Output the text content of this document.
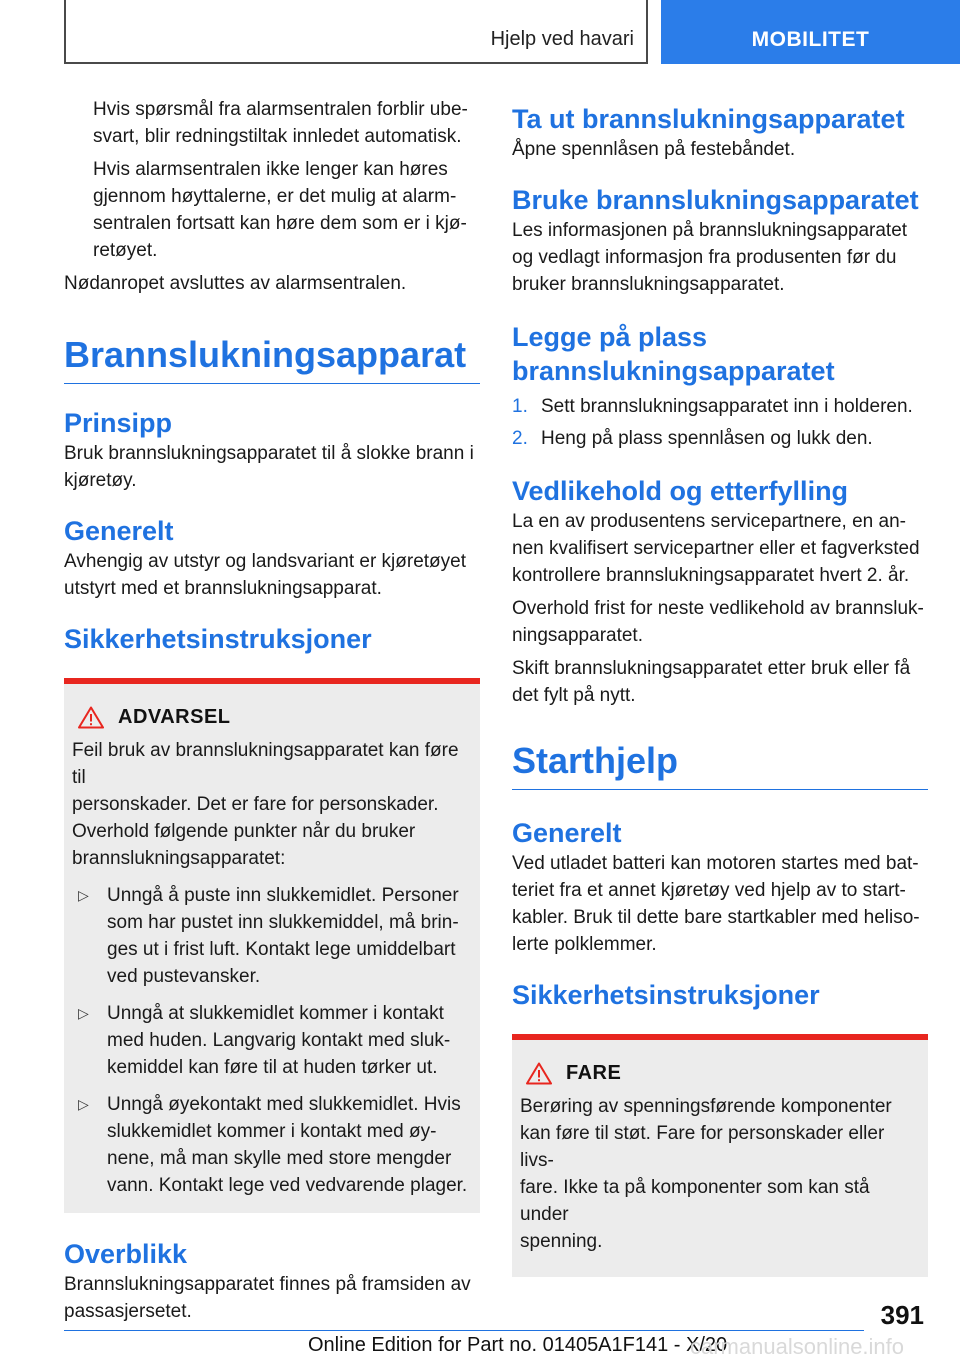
Hjelp ved havari	MOBILITET

Hvis spørsmål fra alarmsentralen forblir ube-
svart, blir redningstiltak innledet automatisk.

Hvis alarmsentralen ikke lenger kan høres
gjennom høyttalerne, er det mulig at alarm-
sentralen fortsatt kan høre dem som er i kjø-
retøyet.

Nødanropet avsluttes av alarmsentralen.

Brannslukningsapparat
Prinsipp

Bruk brannslukningsapparatet til å slokke brann i
kjøretøy.

Generelt

Avhengig av utstyr og landsvariant er kjøretøyet
utstyrt med et brannslukningsapparat.

Sikkerhetsinstruksjoner
ADVARSEL

Feil bruk av brannslukningsapparatet kan føre til
personskader. Det er fare for personskader.
Overhold følgende punkter når du bruker
brannslukningsapparatet:

▷ Unngå å puste inn slukkemidlet. Personer
som har pustet inn slukkemiddel, må brin-
ges ut i frist luft. Kontakt lege umiddelbart
ved pustevansker.
▷ Unngå at slukkemidlet kommer i kontakt
med huden. Langvarig kontakt med sluk-
kemiddel kan føre til at huden tørker ut.
▷ Unngå øyekontakt med slukkemidlet. Hvis
slukkemidlet kommer i kontakt med øy-
nene, må man skylle med store mengder
vann. Kontakt lege ved vedvarende plager.
Overblikk

Brannslukningsapparatet finnes på framsiden av
passasjersetet.

Ta ut brannslukningsapparatet

Åpne spennlåsen på festebåndet.

Bruke brannslukningsapparatet

Les informasjonen på brannslukningsapparatet
og vedlagt informasjon fra produsenten før du
bruker brannslukningsapparatet.

Legge på plass
brannslukningsapparatet
1. Sett brannslukningsapparatet inn i holderen.
2. Heng på plass spennlåsen og lukk den.
Vedlikehold og etterfylling

La en av produsentens servicepartnere, en an-
nen kvalifisert servicepartner eller et fagverksted
kontrollere brannslukningsapparatet hvert 2. år.

Overhold frist for neste vedlikehold av brannsluk-
ningsapparatet.

Skift brannslukningsapparatet etter bruk eller få
det fylt på nytt.

Starthjelp
Generelt

Ved utladet batteri kan motoren startes med bat-
teriet fra et annet kjøretøy ved hjelp av to start-
kabler. Bruk til dette bare startkabler med heliso-
lerte polklemmer.

Sikkerhetsinstruksjoner
FARE

Berøring av spenningsførende komponenter
kan føre til støt. Fare for personskader eller livs-
fare. Ikke ta på komponenter som kan stå under
spenning.

391
Online Edition for Part no. 01405A1F141 - X/20
carmanualsonline.info
